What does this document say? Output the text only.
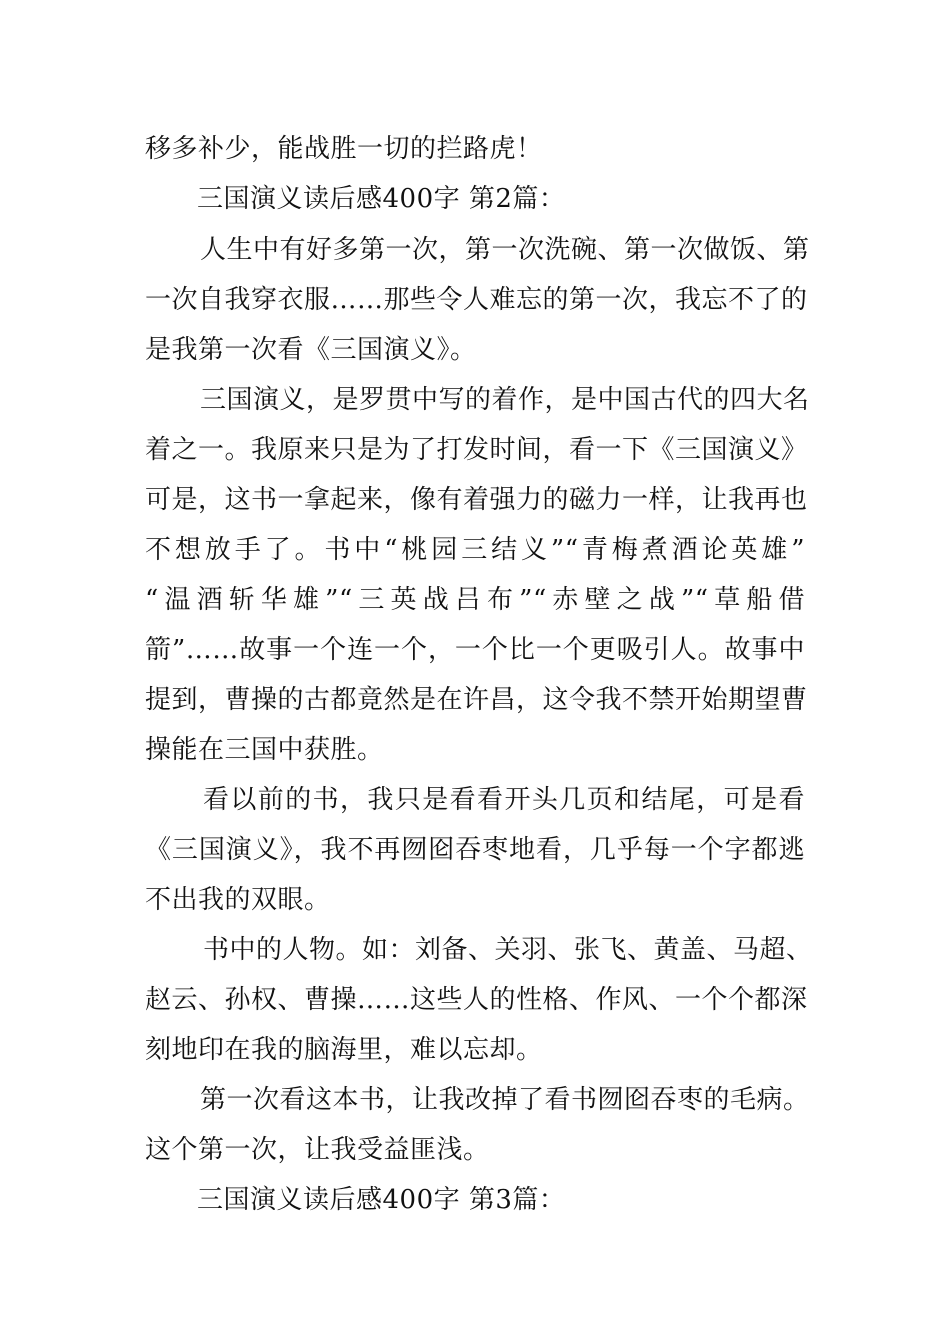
移多补少，能战胜一切的拦路虎！
三国演义读后感400字 第2篇：
人生中有好多第一次，第一次洗碗、第一次做饭、第
一次自我穿衣服……那些令人难忘的第一次，我忘不了的
是我第一次看《三国演义》。
三国演义，是罗贯中写的着作，是中国古代的四大名
着之一。我原来只是为了打发时间，看一下《三国演义》
可是，这书一拿起来，像有着强力的磁力一样，让我再也
不想放手了。书中“桃园三结义”“青梅煮酒论英雄”
“温酒斩华雄”“三英战吕布”“赤壁之战”“草船借
箭”……故事一个连一个，一个比一个更吸引人。故事中
提到，曹操的古都竟然是在许昌，这令我不禁开始期望曹
操能在三国中获胜。
看以前的书，我只是看看开头几页和结尾，可是看
《三国演义》，我不再囫囵吞枣地看，几乎每一个字都逃
不出我的双眼。
书中的人物。如：刘备、关羽、张飞、黄盖、马超、
赵云、孙权、曹操……这些人的性格、作风、一个个都深
刻地印在我的脑海里，难以忘却。
第一次看这本书，让我改掉了看书囫囵吞枣的毛病。
这个第一次，让我受益匪浅。
三国演义读后感400字 第3篇：
